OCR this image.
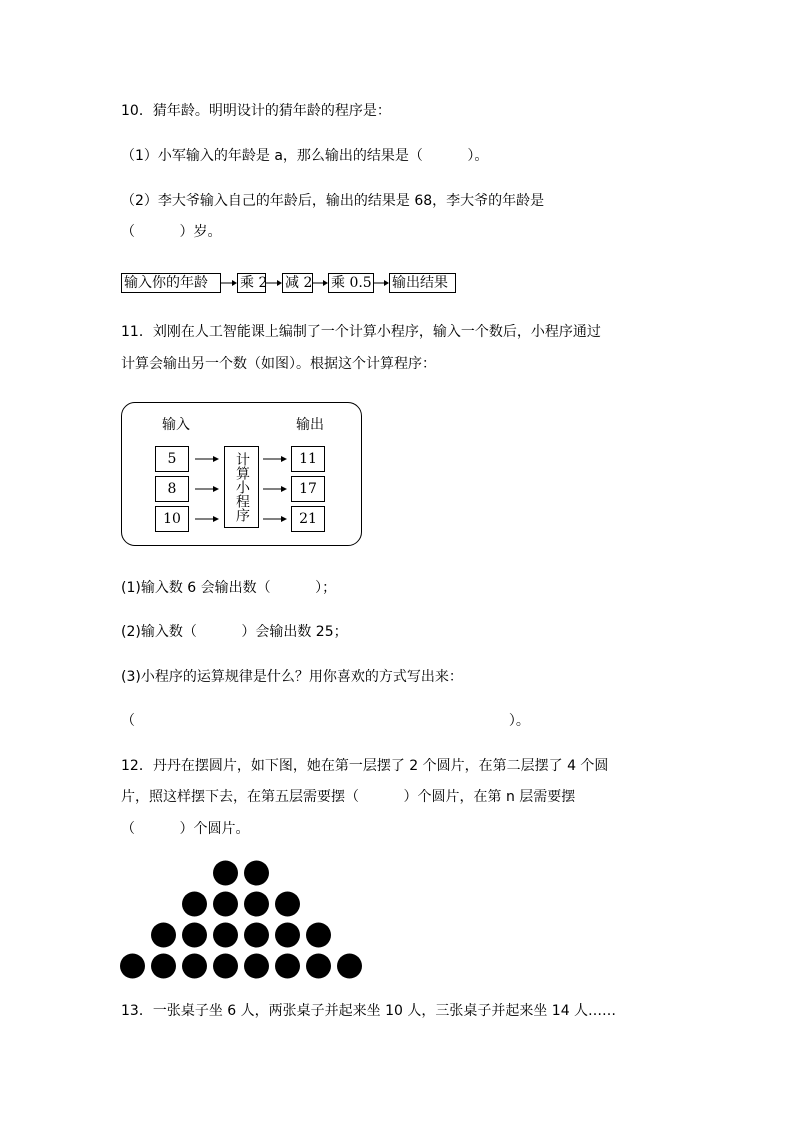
10．猜年龄。明明设计的猜年龄的程序是：
（1）小军输入的年龄是 a，那么输出的结果是（          ）。
（2）李大爷输入自己的年龄后，输出的结果是 68，李大爷的年龄是
（          ）岁。
输入你的年龄	乘 2 减 2 乘 0.5 输出结果
11．刘刚在人工智能课上编制了一个计算小程序，输入一个数后，小程序通过
计算会输出另一个数（如图）。根据这个计算程序：
输入	输出
5
8
10	计算小程序	11
17
21
(1)输入数 6 会输出数（          ）；
(2)输入数（          ）会输出数 25；
(3)小程序的运算规律是什么？用你喜欢的方式写出来：
（                                                                                    ）。
12．丹丹在摆圆片，如下图，她在第一层摆了 2 个圆片，在第二层摆了 4 个圆
片，照这样摆下去，在第五层需要摆（          ）个圆片，在第 n 层需要摆
（          ）个圆片。
13．一张桌子坐 6 人，两张桌子并起来坐 10 人，三张桌子并起来坐 14 人……
